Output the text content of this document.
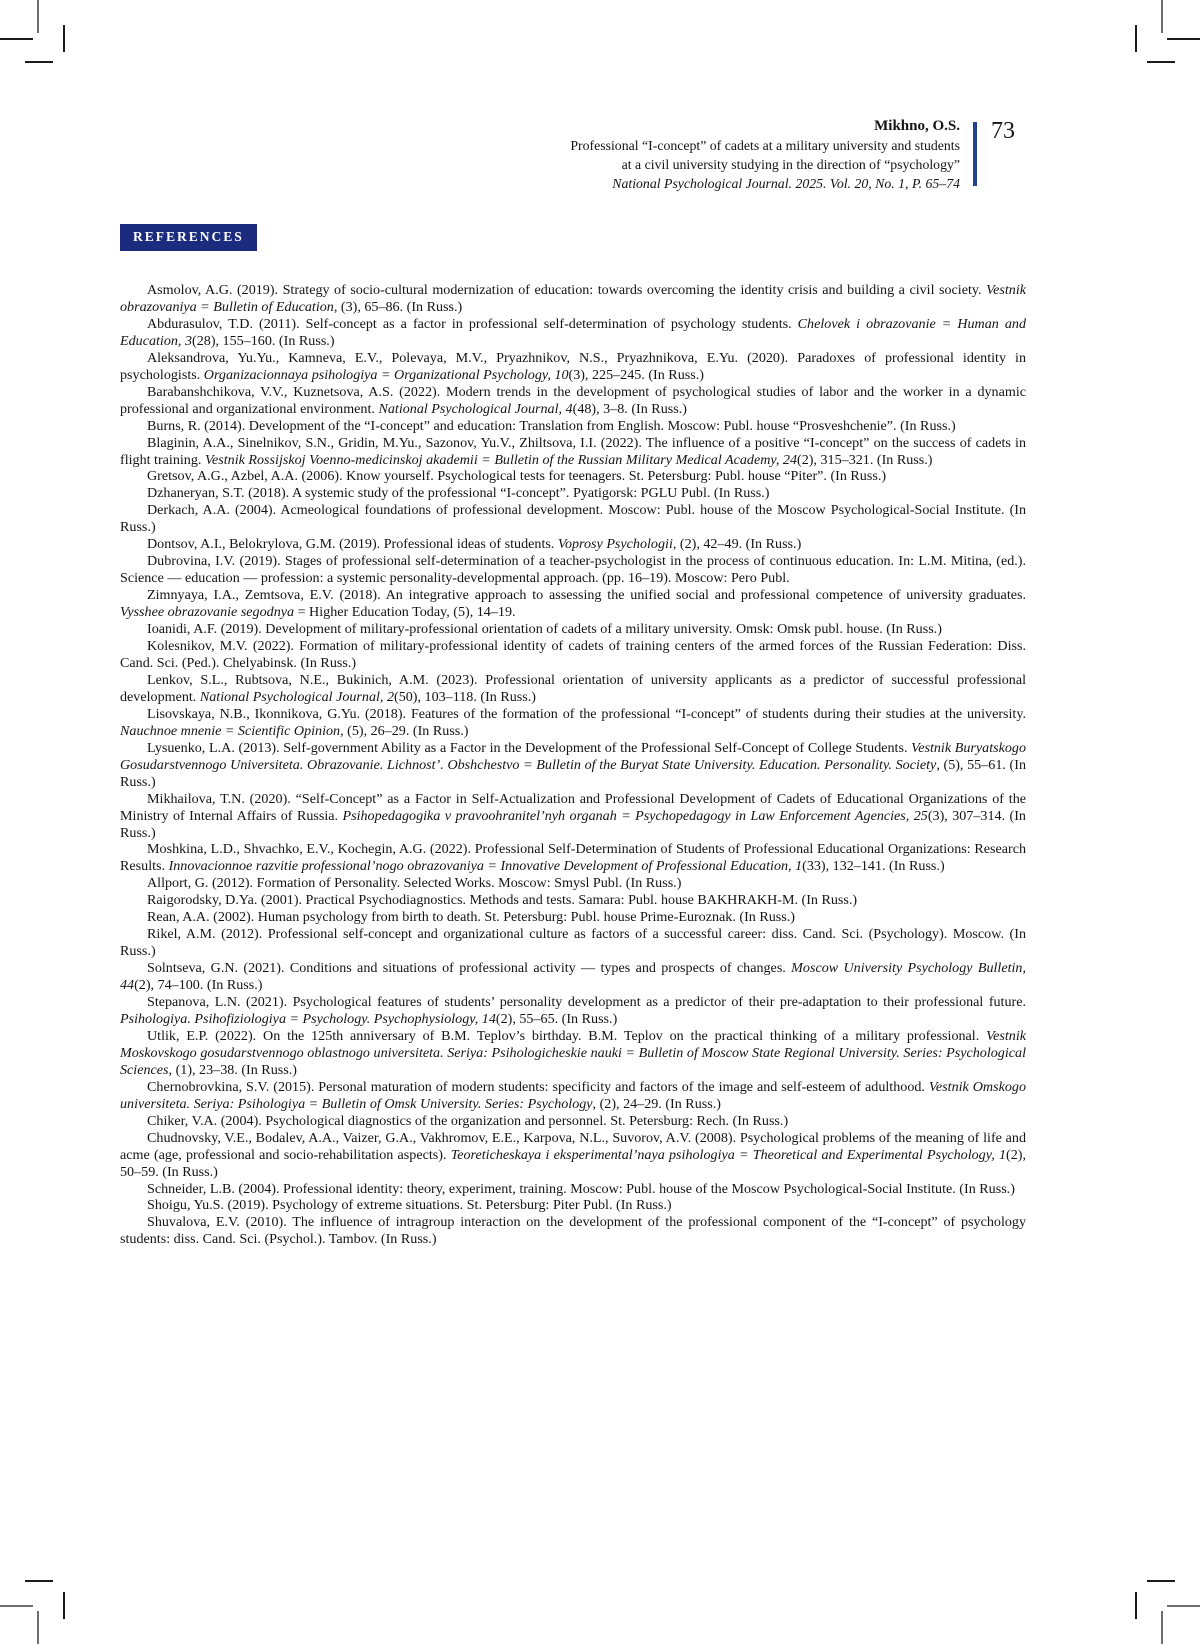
Mikhno, O.S.
Professional “I-concept” of cadets at a military university and students
at a civil university studying in the direction of “psychology”
National Psychological Journal. 2025. Vol. 20, No. 1, P. 65–74
73
REFERENCES

Asmolov, A.G. (2019). Strategy of socio-cultural modernization of education: towards overcoming the identity crisis and building a civil society. Vestnik obrazovaniya = Bulletin of Education, (3), 65–86. (In Russ.)

Abdurasulov, T.D. (2011). Self-concept as a factor in professional self-determination of psychology students. Chelovek i obrazovanie = Human and Education, 3(28), 155–160. (In Russ.)

Aleksandrova, Yu.Yu., Kamneva, E.V., Polevaya, M.V., Pryazhnikov, N.S., Pryazhnikova, E.Yu. (2020). Paradoxes of professional identity in psychologists. Organizacionnaya psihologiya = Organizational Psychology, 10(3), 225–245. (In Russ.)

Barabanshchikova, V.V., Kuznetsova, A.S. (2022). Modern trends in the development of psychological studies of labor and the worker in a dynamic professional and organizational environment. National Psychological Journal, 4(48), 3–8. (In Russ.)

Burns, R. (2014). Development of the “I-concept” and education: Translation from English. Moscow: Publ. house “Prosveshchenie”. (In Russ.)

Blaginin, A.A., Sinelnikov, S.N., Gridin, M.Yu., Sazonov, Yu.V., Zhiltsova, I.I. (2022). The influence of a positive “I-concept” on the success of cadets in flight training. Vestnik Rossijskoj Voenno-medicinskoj akademii = Bulletin of the Russian Military Medical Academy, 24(2), 315–321. (In Russ.)

Gretsov, A.G., Azbel, A.A. (2006). Know yourself. Psychological tests for teenagers. St. Petersburg: Publ. house “Piter”. (In Russ.)

Dzhaneryan, S.T. (2018). A systemic study of the professional “I-concept”. Pyatigorsk: PGLU Publ. (In Russ.)

Derkach, A.A. (2004). Acmeological foundations of professional development. Moscow: Publ. house of the Moscow Psychological-Social Institute. (In Russ.)

Dontsov, A.I., Belokrylova, G.M. (2019). Professional ideas of students. Voprosy Psychologii, (2), 42–49. (In Russ.)

Dubrovina, I.V. (2019). Stages of professional self-determination of a teacher-psychologist in the process of continuous education. In: L.M. Mitina, (ed.). Science — education — profession: a systemic personality-developmental approach. (pp. 16–19). Moscow: Pero Publ.

Zimnyaya, I.A., Zemtsova, E.V. (2018). An integrative approach to assessing the unified social and professional competence of university graduates. Vysshee obrazovanie segodnya = Higher Education Today, (5), 14–19.

Ioanidi, A.F. (2019). Development of military-professional orientation of cadets of a military university. Omsk: Omsk publ. house. (In Russ.)

Kolesnikov, M.V. (2022). Formation of military-professional identity of cadets of training centers of the armed forces of the Russian Federation: Diss. Cand. Sci. (Ped.). Chelyabinsk. (In Russ.)

Lenkov, S.L., Rubtsova, N.E., Bukinich, A.M. (2023). Professional orientation of university applicants as a predictor of successful professional development. National Psychological Journal, 2(50), 103–118. (In Russ.)

Lisovskaya, N.B., Ikonnikova, G.Yu. (2018). Features of the formation of the professional “I-concept” of students during their studies at the university. Nauchnoe mnenie = Scientific Opinion, (5), 26–29. (In Russ.)

Lysuenko, L.A. (2013). Self-government Ability as a Factor in the Development of the Professional Self-Concept of College Students. Vestnik Buryatskogo Gosudarstvennogo Universiteta. Obrazovanie. Lichnost’. Obshchestvo = Bulletin of the Buryat State University. Education. Personality. Society, (5), 55–61. (In Russ.)

Mikhailova, T.N. (2020). “Self-Concept” as a Factor in Self-Actualization and Professional Development of Cadets of Educational Organizations of the Ministry of Internal Affairs of Russia. Psihopedagogika v pravoohranitel’nyh organah = Psychopedagogy in Law Enforcement Agencies, 25(3), 307–314. (In Russ.)

Moshkina, L.D., Shvachko, E.V., Kochegin, A.G. (2022). Professional Self-Determination of Students of Professional Educational Organizations: Research Results. Innovacionnoe razvitie professional’nogo obrazovaniya = Innovative Development of Professional Education, 1(33), 132–141. (In Russ.)

Allport, G. (2012). Formation of Personality. Selected Works. Moscow: Smysl Publ. (In Russ.)

Raigorodsky, D.Ya. (2001). Practical Psychodiagnostics. Methods and tests. Samara: Publ. house BAKHRAKH-M. (In Russ.)

Rean, A.A. (2002). Human psychology from birth to death. St. Petersburg: Publ. house Prime-Euroznak. (In Russ.)

Rikel, A.M. (2012). Professional self-concept and organizational culture as factors of a successful career: diss. Cand. Sci. (Psychology). Moscow. (In Russ.)

Solntseva, G.N. (2021). Conditions and situations of professional activity — types and prospects of changes. Moscow University Psychology Bulletin, 44(2), 74–100. (In Russ.)

Stepanova, L.N. (2021). Psychological features of students’ personality development as a predictor of their pre-adaptation to their professional future. Psihologiya. Psihofiziologiya = Psychology. Psychophysiology, 14(2), 55–65. (In Russ.)

Utlik, E.P. (2022). On the 125th anniversary of B.M. Teplov’s birthday. B.M. Teplov on the practical thinking of a military professional. Vestnik Moskovskogo gosudarstvennogo oblastnogo universiteta. Seriya: Psihologicheskie nauki = Bulletin of Moscow State Regional University. Series: Psychological Sciences, (1), 23–38. (In Russ.)

Chernobrovkina, S.V. (2015). Personal maturation of modern students: specificity and factors of the image and self-esteem of adulthood. Vestnik Omskogo universiteta. Seriya: Psihologiya = Bulletin of Omsk University. Series: Psychology, (2), 24–29. (In Russ.)

Chiker, V.A. (2004). Psychological diagnostics of the organization and personnel. St. Petersburg: Rech. (In Russ.)

Chudnovsky, V.E., Bodalev, A.A., Vaizer, G.A., Vakhromov, E.E., Karpova, N.L., Suvorov, A.V. (2008). Psychological problems of the meaning of life and acme (age, professional and socio-rehabilitation aspects). Teoreticheskaya i eksperimental’naya psihologiya = Theoretical and Experimental Psychology, 1(2), 50–59. (In Russ.)

Schneider, L.B. (2004). Professional identity: theory, experiment, training. Moscow: Publ. house of the Moscow Psychological-Social Institute. (In Russ.)

Shoigu, Yu.S. (2019). Psychology of extreme situations. St. Petersburg: Piter Publ. (In Russ.)

Shuvalova, E.V. (2010). The influence of intragroup interaction on the development of the professional component of the “I-concept” of psychology students: diss. Cand. Sci. (Psychol.). Tambov. (In Russ.)
